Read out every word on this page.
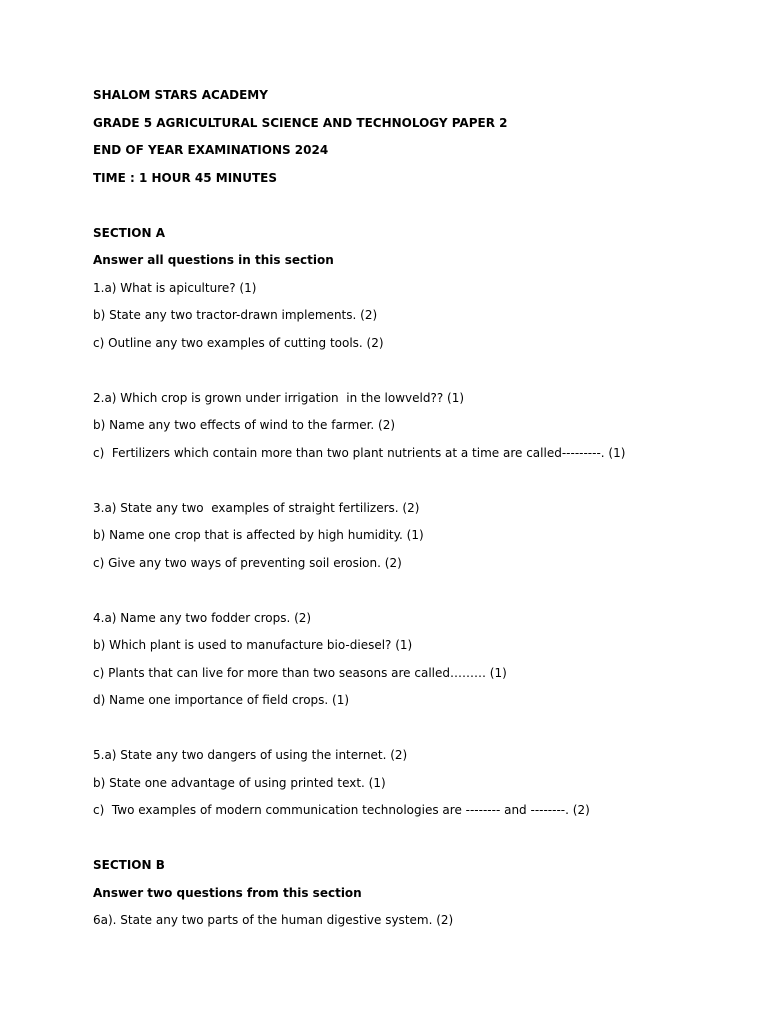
SHALOM STARS ACADEMY

GRADE 5 AGRICULTURAL SCIENCE AND TECHNOLOGY PAPER 2

END OF YEAR EXAMINATIONS 2024

TIME : 1 HOUR 45 MINUTES

SECTION A

Answer all questions in this section

1.a) What is apiculture? (1)

b) State any two tractor-drawn implements. (2)

c) Outline any two examples of cutting tools. (2)

2.a) Which crop is grown under irrigation  in the lowveld?? (1)

b) Name any two effects of wind to the farmer. (2)

c)  Fertilizers which contain more than two plant nutrients at a time are called---------. (1)

3.a) State any two  examples of straight fertilizers. (2)

b) Name one crop that is affected by high humidity. (1)

c) Give any two ways of preventing soil erosion. (2)

4.a) Name any two fodder crops. (2)

b) Which plant is used to manufacture bio-diesel? (1)

c) Plants that can live for more than two seasons are called……… (1)

d) Name one importance of field crops. (1)

5.a) State any two dangers of using the internet. (2)

b) State one advantage of using printed text. (1)

c)  Two examples of modern communication technologies are -------- and --------. (2)

SECTION B

Answer two questions from this section

6a). State any two parts of the human digestive system. (2)
